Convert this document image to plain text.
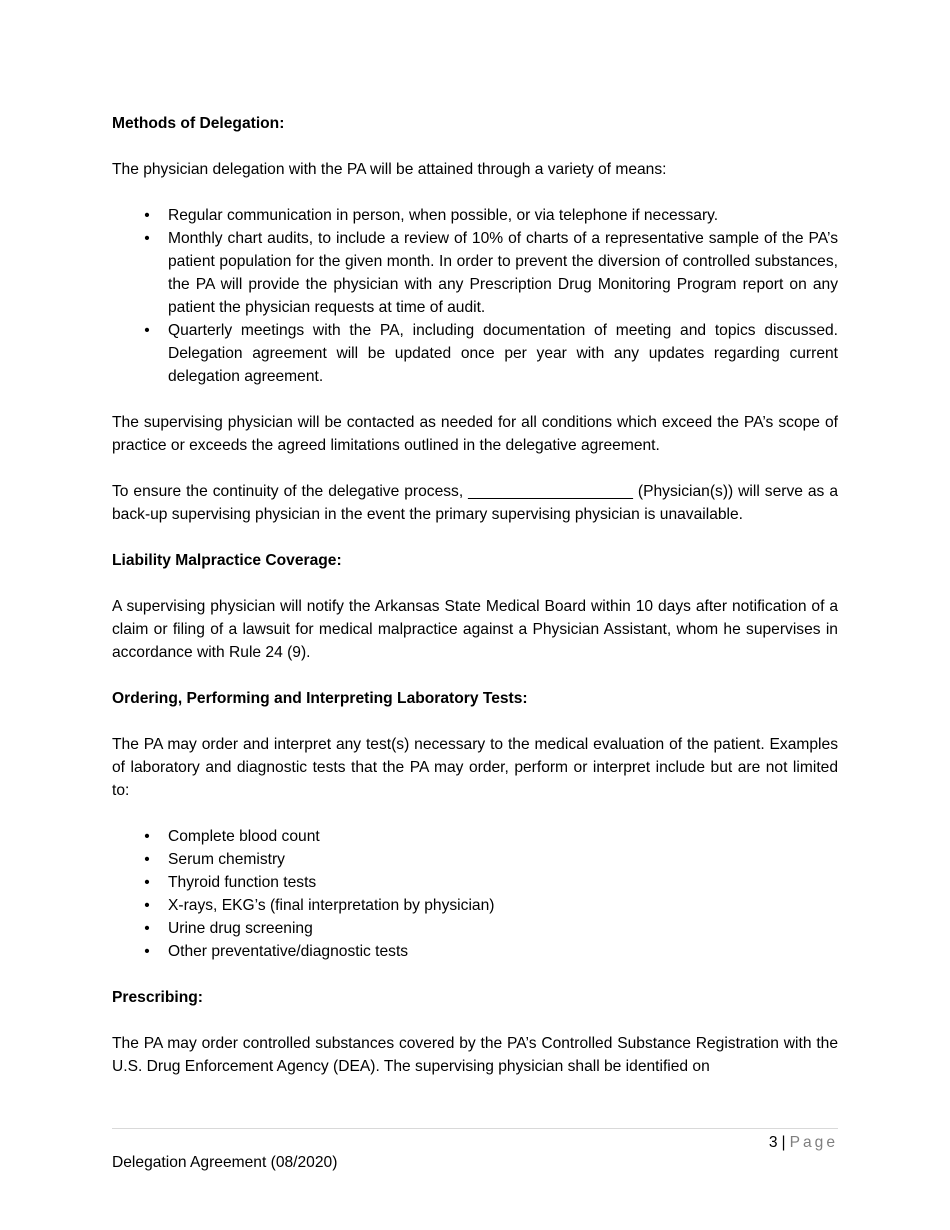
Methods of Delegation:

The physician delegation with the PA will be attained through a variety of means:

• Regular communication in person, when possible, or via telephone if necessary.
• Monthly chart audits, to include a review of 10% of charts of a representative sample of the PA’s patient population for the given month. In order to prevent the diversion of controlled substances, the PA will provide the physician with any Prescription Drug Monitoring Program report on any patient the physician requests at time of audit.
• Quarterly meetings with the PA, including documentation of meeting and topics discussed. Delegation agreement will be updated once per year with any updates regarding current delegation agreement.

The supervising physician will be contacted as needed for all conditions which exceed the PA’s scope of practice or exceeds the agreed limitations outlined in the delegative agreement.

To ensure the continuity of the delegative process, ___________________ (Physician(s)) will serve as a back-up supervising physician in the event the primary supervising physician is unavailable.

Liability Malpractice Coverage:

A supervising physician will notify the Arkansas State Medical Board within 10 days after notification of a claim or filing of a lawsuit for medical malpractice against a Physician Assistant, whom he supervises in accordance with Rule 24 (9).

Ordering, Performing and Interpreting Laboratory Tests:

The PA may order and interpret any test(s) necessary to the medical evaluation of the patient. Examples of laboratory and diagnostic tests that the PA may order, perform or interpret include but are not limited to:

• Complete blood count
• Serum chemistry
• Thyroid function tests
• X-rays, EKG’s (final interpretation by physician)
• Urine drug screening
• Other preventative/diagnostic tests

Prescribing:

The PA may order controlled substances covered by the PA’s Controlled Substance Registration with the U.S. Drug Enforcement Agency (DEA). The supervising physician shall be identified on

3 | Page
Delegation Agreement (08/2020)
